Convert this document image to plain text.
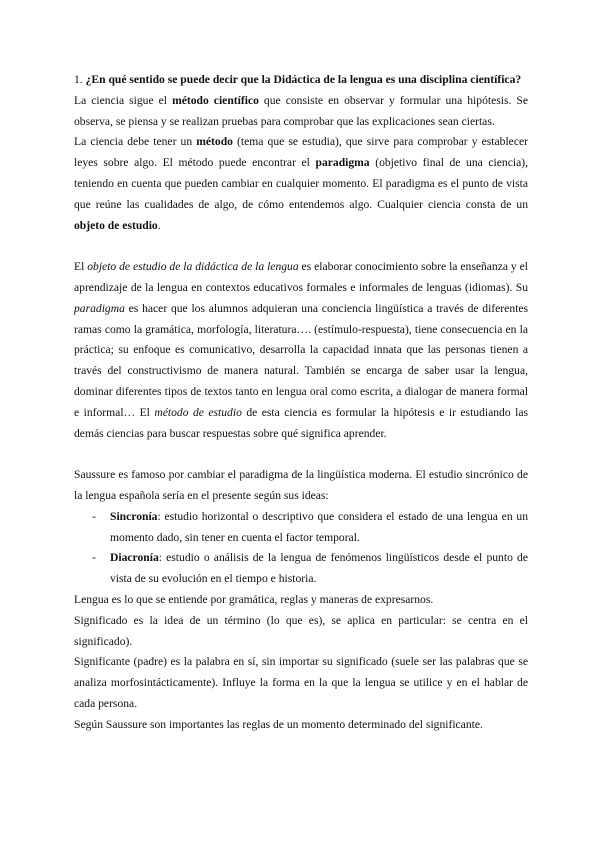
1. ¿En qué sentido se puede decir que la Didáctica de la lengua es una disciplina científica?

La ciencia sigue el método científico que consiste en observar y formular una hipótesis. Se observa, se piensa y se realizan pruebas para comprobar que las explicaciones sean ciertas.

La ciencia debe tener un método (tema que se estudia), que sirve para comprobar y establecer leyes sobre algo. El método puede encontrar el paradigma (objetivo final de una ciencia), teniendo en cuenta que pueden cambiar en cualquier momento. El paradigma es el punto de vista que reúne las cualidades de algo, de cómo entendemos algo. Cualquier ciencia consta de un objeto de estudio.

El objeto de estudio de la didáctica de la lengua es elaborar conocimiento sobre la enseñanza y el aprendizaje de la lengua en contextos educativos formales e informales de lenguas (idiomas). Su paradigma es hacer que los alumnos adquieran una conciencia lingüística a través de diferentes ramas como la gramática, morfología, literatura…. (estímulo-respuesta), tiene consecuencia en la práctica; su enfoque es comunicativo, desarrolla la capacidad innata que las personas tienen a través del constructivismo de manera natural. También se encarga de saber usar la lengua, dominar diferentes tipos de textos tanto en lengua oral como escrita, a dialogar de manera formal e informal… El método de estudio de esta ciencia es formular la hipótesis e ir estudiando las demás ciencias para buscar respuestas sobre qué significa aprender.

Saussure es famoso por cambiar el paradigma de la lingüística moderna. El estudio sincrónico de la lengua española sería en el presente según sus ideas:

- Sincronía: estudio horizontal o descriptivo que considera el estado de una lengua en un momento dado, sin tener en cuenta el factor temporal.
- Diacronía: estudio o análisis de la lengua de fenómenos lingüísticos desde el punto de vista de su evolución en el tiempo e historia.

Lengua es lo que se entiende por gramática, reglas y maneras de expresarnos.

Significado es la idea de un término (lo que es), se aplica en particular: se centra en el significado).

Significante (padre) es la palabra en sí, sin importar su significado (suele ser las palabras que se analiza morfosintácticamente). Influye la forma en la que la lengua se utilice y en el hablar de cada persona.

Según Saussure son importantes las reglas de un momento determinado del significante.
